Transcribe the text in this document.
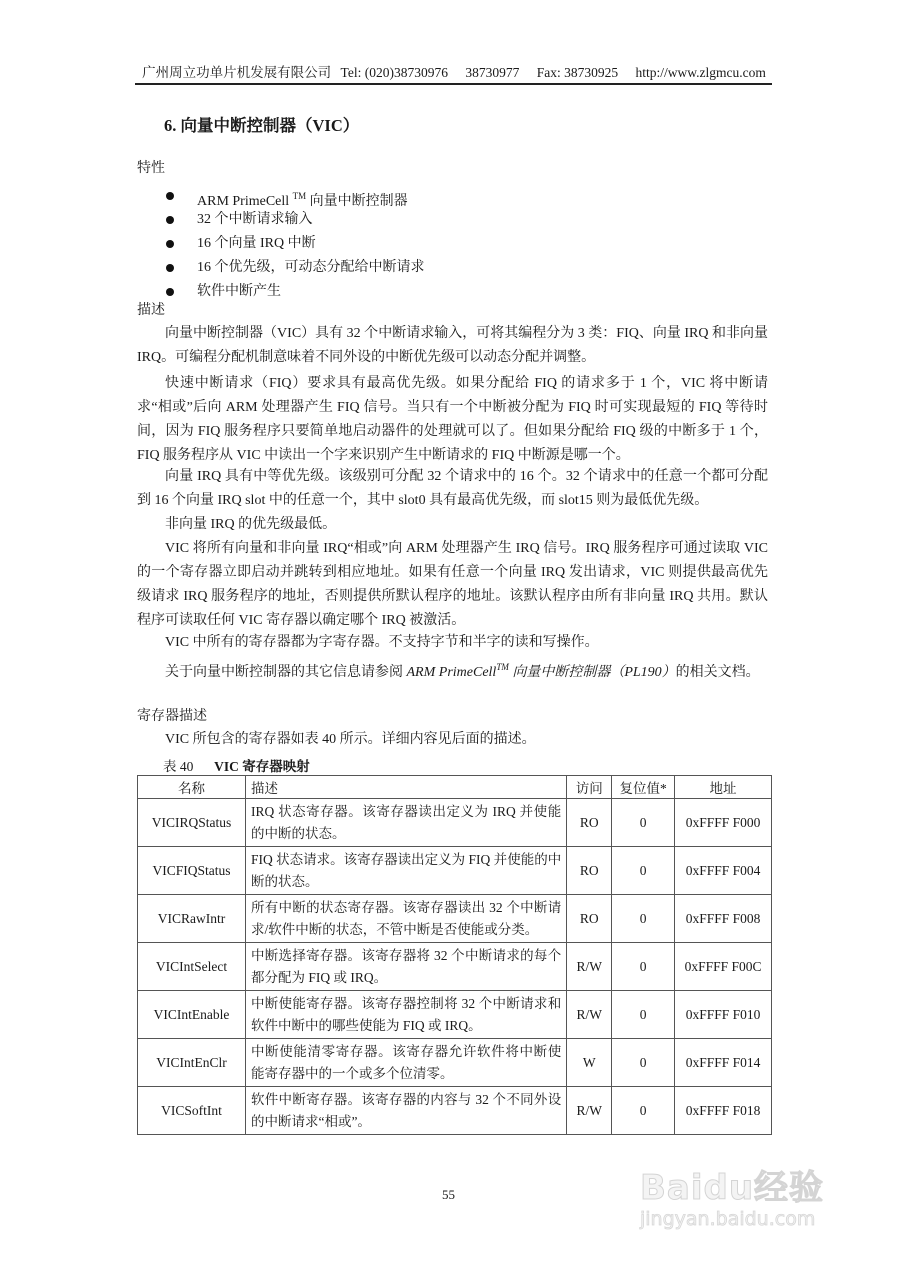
广州周立功单片机发展有限公司 Tel: (020)38730976 38730977 Fax: 38730925 http://www.zlgmcu.com
6. 向量中断控制器（VIC）
特性
ARM PrimeCell ™ 向量中断控制器
32 个中断请求输入
16 个向量 IRQ 中断
16 个优先级，可动态分配给中断请求
软件中断产生
描述

向量中断控制器（VIC）具有 32 个中断请求输入，可将其编程分为 3 类：FIQ、向量 IRQ 和非向量 IRQ。可编程分配机制意味着不同外设的中断优先级可以动态分配并调整。

快速中断请求（FIQ）要求具有最高优先级。如果分配给 FIQ 的请求多于 1 个，VIC 将中断请求“相或”后向 ARM 处理器产生 FIQ 信号。当只有一个中断被分配为 FIQ 时可实现最短的 FIQ 等待时间，因为 FIQ 服务程序只要简单地启动器件的处理就可以了。但如果分配给 FIQ 级的中断多于 1 个，FIQ 服务程序从 VIC 中读出一个字来识别产生中断请求的 FIQ 中断源是哪一个。

向量 IRQ 具有中等优先级。该级别可分配 32 个请求中的 16 个。32 个请求中的任意一个都可分配到 16 个向量 IRQ slot 中的任意一个，其中 slot0 具有最高优先级，而 slot15 则为最低优先级。

非向量 IRQ 的优先级最低。

VIC 将所有向量和非向量 IRQ“相或”向 ARM 处理器产生 IRQ 信号。IRQ 服务程序可通过读取 VIC 的一个寄存器立即启动并跳转到相应地址。如果有任意一个向量 IRQ 发出请求，VIC 则提供最高优先级请求 IRQ 服务程序的地址，否则提供所默认程序的地址。该默认程序由所有非向量 IRQ 共用。默认程序可读取任何 VIC 寄存器以确定哪个 IRQ 被激活。

VIC 中所有的寄存器都为字寄存器。不支持字节和半字的读和写操作。

关于向量中断控制器的其它信息请参阅 ARM PrimeCell™ 向量中断控制器（PL190）的相关文档。

寄存器描述

VIC 所包含的寄存器如表 40 所示。详细内容见后面的描述。

表 40 VIC 寄存器映射
名称	描述	访问	复位值*	地址
VICIRQStatus	IRQ 状态寄存器。该寄存器读出定义为 IRQ 并使能的中断的状态。	RO	0	0xFFFF F000
VICFIQStatus	FIQ 状态请求。该寄存器读出定义为 FIQ 并使能的中断的状态。	RO	0	0xFFFF F004
VICRawIntr	所有中断的状态寄存器。该寄存器读出 32 个中断请求/软件中断的状态，不管中断是否使能或分类。	RO	0	0xFFFF F008
VICIntSelect	中断选择寄存器。该寄存器将 32 个中断请求的每个都分配为 FIQ 或 IRQ。	R/W	0	0xFFFF F00C
VICIntEnable	中断使能寄存器。该寄存器控制将 32 个中断请求和软件中断中的哪些使能为 FIQ 或 IRQ。	R/W	0	0xFFFF F010
VICIntEnClr	中断使能清零寄存器。该寄存器允许软件将中断使能寄存器中的一个或多个位清零。	W	0	0xFFFF F014
VICSoftInt	软件中断寄存器。该寄存器的内容与 32 个不同外设的中断请求“相或”。	R/W	0	0xFFFF F018
55	Baidu经验
jingyan.baidu.com
